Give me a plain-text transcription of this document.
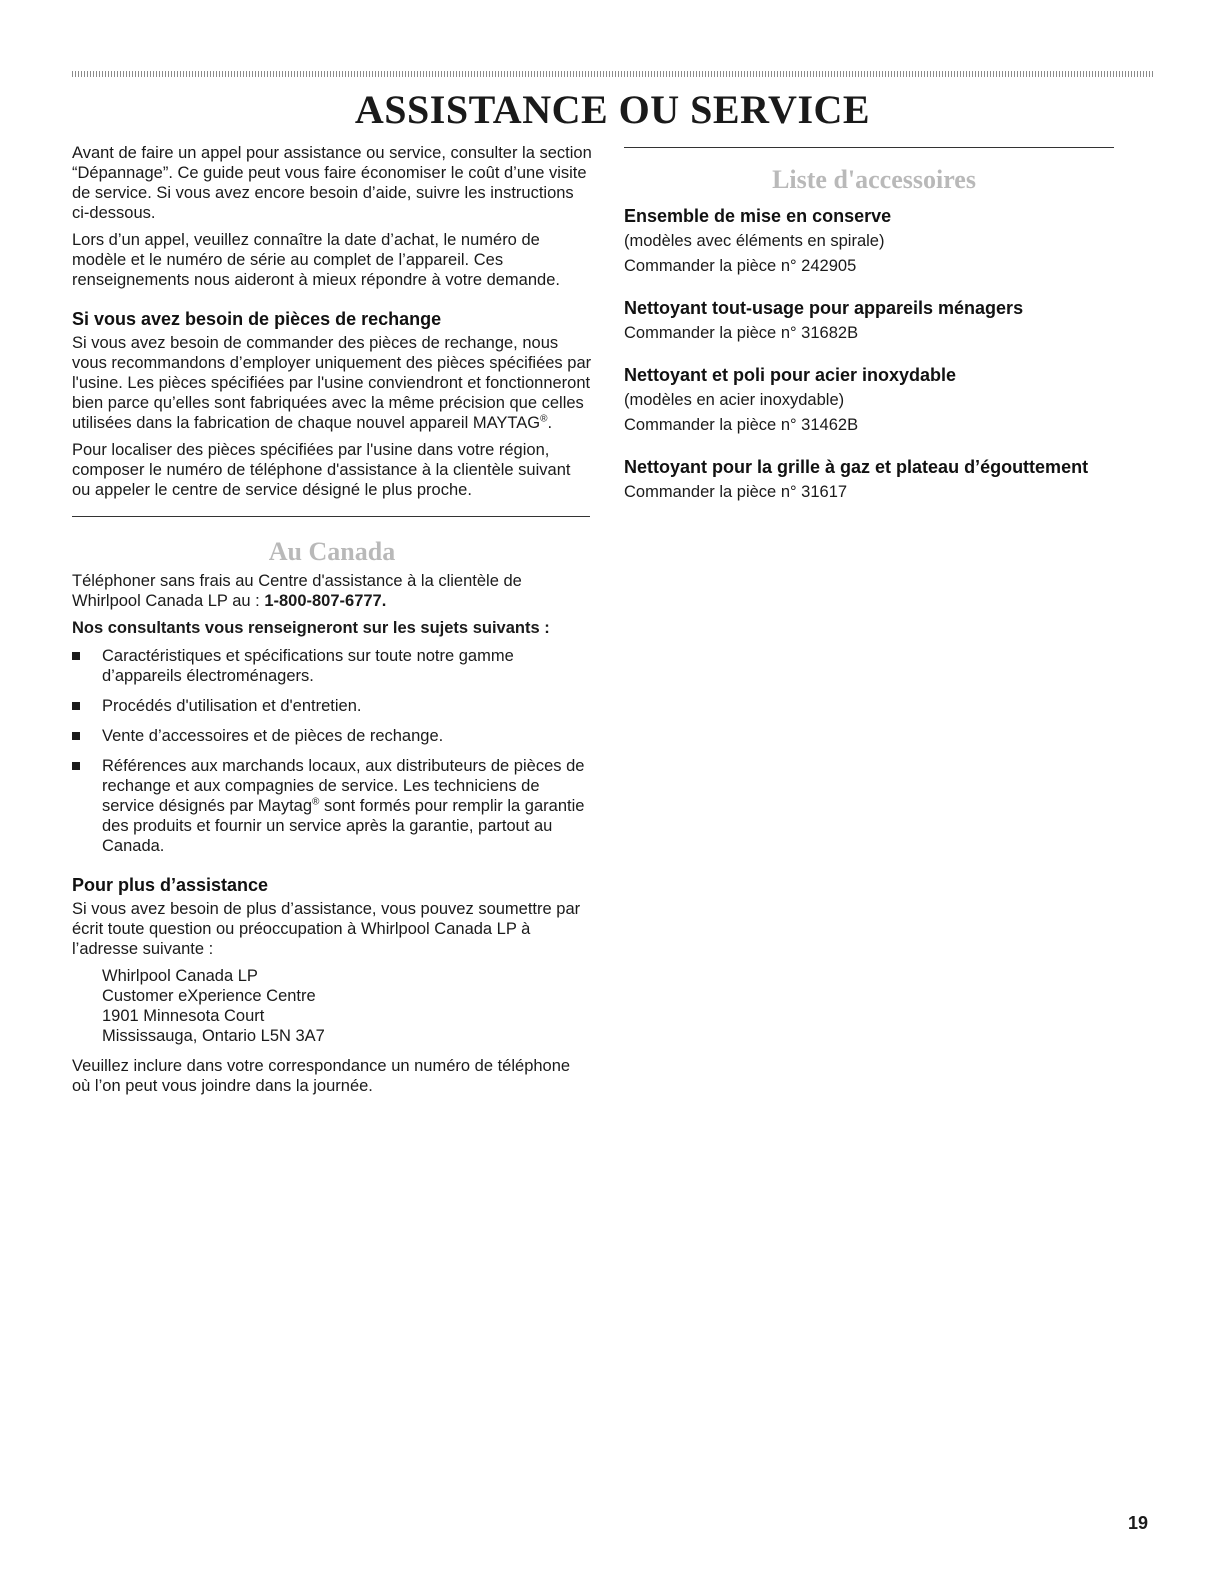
ASSISTANCE OU SERVICE

Avant de faire un appel pour assistance ou service, consulter la section “Dépannage”. Ce guide peut vous faire économiser le coût d’une visite de service. Si vous avez encore besoin d’aide, suivre les instructions ci-dessous.

Lors d’un appel, veuillez connaître la date d’achat, le numéro de modèle et le numéro de série au complet de l’appareil. Ces renseignements nous aideront à mieux répondre à votre demande.

Si vous avez besoin de pièces de rechange

Si vous avez besoin de commander des pièces de rechange, nous vous recommandons d’employer uniquement des pièces spécifiées par l'usine. Les pièces spécifiées par l'usine conviendront et fonctionneront bien parce qu’elles sont fabriquées avec la même précision que celles utilisées dans la fabrication de chaque nouvel appareil MAYTAG®.

Pour localiser des pièces spécifiées par l'usine dans votre région, composer le numéro de téléphone d'assistance à la clientèle suivant ou appeler le centre de service désigné le plus proche.

Au Canada

Téléphoner sans frais au Centre d'assistance à la clientèle de Whirlpool Canada LP au : 1-800-807-6777.

Nos consultants vous renseigneront sur les sujets suivants :

Caractéristiques et spécifications sur toute notre gamme d’appareils électroménagers.
Procédés d'utilisation et d'entretien.
Vente d’accessoires et de pièces de rechange.
Références aux marchands locaux, aux distributeurs de pièces de rechange et aux compagnies de service. Les techniciens de service désignés par Maytag® sont formés pour remplir la garantie des produits et fournir un service après la garantie, partout au Canada.
Pour plus d’assistance

Si vous avez besoin de plus d’assistance, vous pouvez soumettre par écrit toute question ou préoccupation à Whirlpool Canada LP à l’adresse suivante :

Whirlpool Canada LP

Customer eXperience Centre

1901 Minnesota Court

Mississauga, Ontario L5N 3A7

Veuillez inclure dans votre correspondance un numéro de téléphone où l’on peut vous joindre dans la journée.

Liste d'accessoires

Ensemble de mise en conserve

(modèles avec éléments en spirale)

Commander la pièce n° 242905

Nettoyant tout-usage pour appareils ménagers

Commander la pièce n° 31682B

Nettoyant et poli pour acier inoxydable

(modèles en acier inoxydable)

Commander la pièce n° 31462B

Nettoyant pour la grille à gaz et plateau d’égouttement

Commander la pièce n° 31617

19
